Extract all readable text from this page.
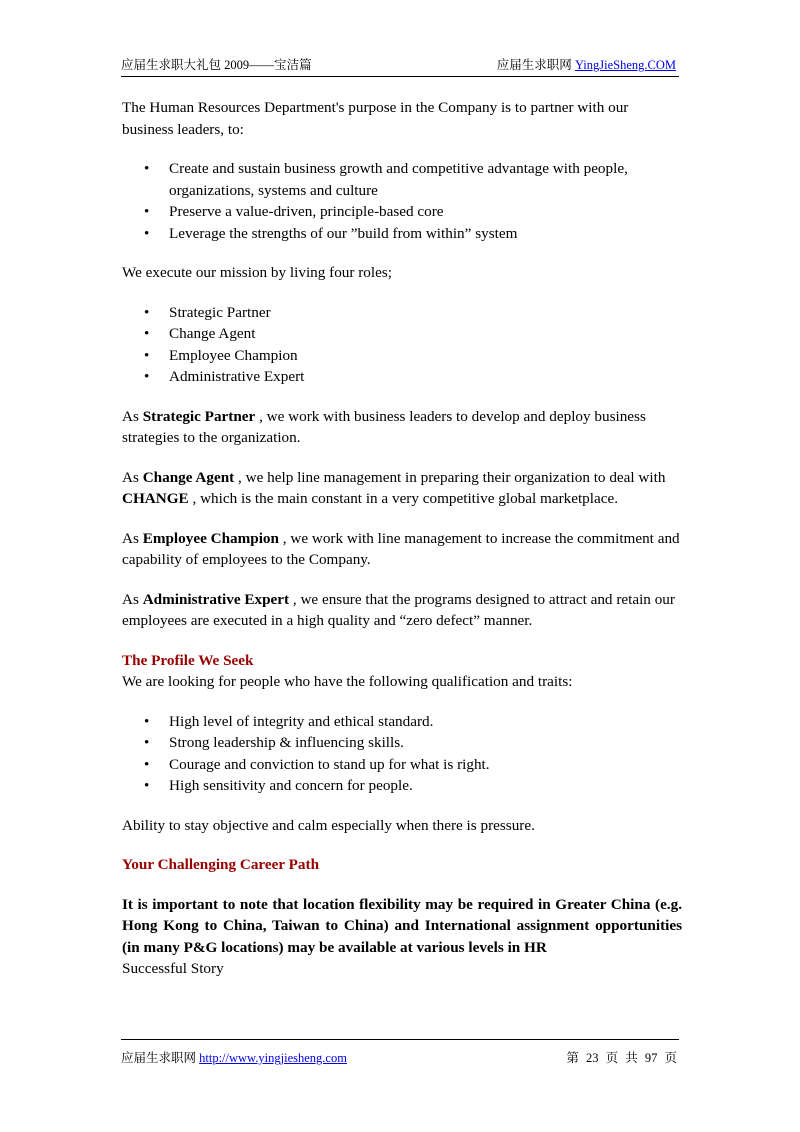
应届生求职大礼包 2009——宝洁篇	应届生求职网 YingJieSheng.COM

The Human Resources Department's purpose in the Company is to partner with our business leaders, to:

• Create and sustain business growth and competitive advantage with people, organizations, systems and culture
• Preserve a value-driven, principle-based core
• Leverage the strengths of our ”build from within” system

We execute our mission by living four roles;

• Strategic Partner
• Change Agent
• Employee Champion
• Administrative Expert

As Strategic Partner , we work with business leaders to develop and deploy business strategies to the organization.

As Change Agent , we help line management in preparing their organization to deal with CHANGE , which is the main constant in a very competitive global marketplace.

As Employee Champion , we work with line management to increase the commitment and capability of employees to the Company.

As Administrative Expert , we ensure that the programs designed to attract and retain our employees are executed in a high quality and “zero defect” manner.

The Profile We Seek

We are looking for people who have the following qualification and traits:

• High level of integrity and ethical standard.
• Strong leadership & influencing skills.
• Courage and conviction to stand up for what is right.
• High sensitivity and concern for people.

Ability to stay objective and calm especially when there is pressure.

Your Challenging Career Path

It is important to note that location flexibility may be required in Greater China (e.g. Hong Kong to China, Taiwan to China) and International assignment opportunities (in many P&G locations) may be available at various levels in HR

Successful Story

应届生求职网 http://www.yingjiesheng.com	第 23 页 共 97 页
